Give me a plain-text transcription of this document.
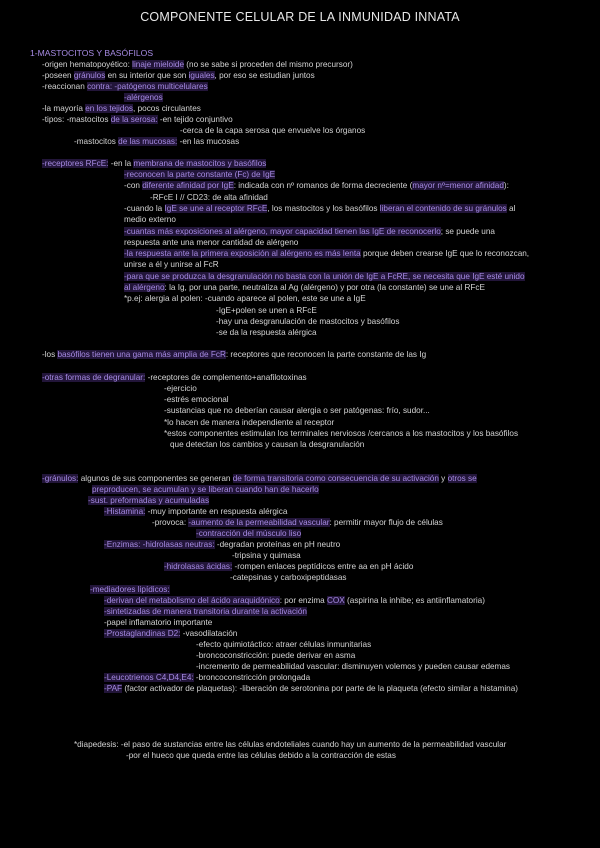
COMPONENTE CELULAR DE LA INMUNIDAD INNATA
1-MASTOCITOS Y BASÓFILOS
-origen hematopoyético: linaje mieloide (no se sabe si proceden del mismo precursor)
-poseen gránulos en su interior que son iguales, por eso se estudian juntos
-reaccionan contra: -patógenos multicelulares
-alérgenos
-la mayoría en los tejidos, pocos circulantes
-tipos: -mastocitos de la serosa: -en tejido conjuntivo
-cerca de la capa serosa que envuelve los órganos
-mastocitos de las mucosas: -en las mucosas
-receptores RFcE: -en la membrana de mastocitos y basófilos
-reconocen la parte constante (Fc) de IgE
-con diferente afinidad por IgE: indicada con nº romanos de forma decreciente (mayor nº=menor afinidad):
-RFcE I // CD23: de alta afinidad
-cuando la IgE se une al receptor RFcE, los mastocitos y los basófilos liberan el contenido de su gránulos al
medio externo
-cuantas más exposiciones al alérgeno, mayor capacidad tienen las IgE de reconocerlo; se puede una
respuesta ante una menor cantidad de alérgeno
-la respuesta ante la primera exposición al alérgeno es más lenta porque deben crearse IgE que lo reconozcan,
unirse a él y unirse al FcR
-para que se produzca la desgranulación no basta con la unión de IgE a FcRE, se necesita que IgE esté unido
al alérgeno: la Ig, por una parte, neutraliza al Ag (alérgeno) y por otra (la constante) se une al RFcE
*p.ej: alergia al polen: -cuando aparece al polen, este se une a IgE
-IgE+polen se unen a RFcE
-hay una desgranulación de mastocitos y basófilos
-se da la respuesta alérgica
-los basófilos tienen una gama más amplia de FcR: receptores que reconocen la parte constante de las Ig
-otras formas de degranular: -receptores de complemento+anafilotoxinas
-ejercicio
-estrés emocional
-sustancias que no deberían causar alergia o ser patógenas: frío, sudor...
*lo hacen de manera independiente al receptor
*estos componentes estimulan los terminales nerviosos /cercanos a los mastocitos y los basófilos
que detectan los cambios y causan la desgranulación
-gránulos: algunos de sus componentes se generan de forma transitoria como consecuencia de su activación y otros se
preproducen, se acumulan y se liberan cuando han de hacerlo
-sust. preformadas y acumuladas
-Histamina: -muy importante en respuesta alérgica
-provoca: -aumento de la permeabilidad vascular: permitir mayor flujo de células
-contracción del músculo liso
-Enzimas: -hidrolasas neutras: -degradan proteínas en pH neutro
-tripsina y quimasa
-hidrolasas ácidas: -rompen enlaces peptídicos entre aa en pH ácido
-catepsinas y carboxipeptidasas
-mediadores lipídicos:
-derivan del metabolismo del ácido araquidónico: por enzima COX (aspirina la inhibe; es antiinflamatoria)
-sintetizadas de manera transitoria durante la activación
-papel inflamatorio importante
-Prostaglandinas D2: -vasodilatación
-efecto quimiotáctico: atraer células inmunitarias
-broncoconstricción: puede derivar en asma
-incremento de permeabilidad vascular: disminuyen volemos y pueden causar edemas
-Leucotrienos C4,D4,E4: -broncoconstricción prolongada
-PAF (factor activador de plaquetas): -liberación de serotonina por parte de la plaqueta (efecto similar a histamina)
*diapedesis: -el paso de sustancias entre las células endoteliales cuando hay un aumento de la permeabilidad vascular
-por el hueco que queda entre las células debido a la contracción de estas
